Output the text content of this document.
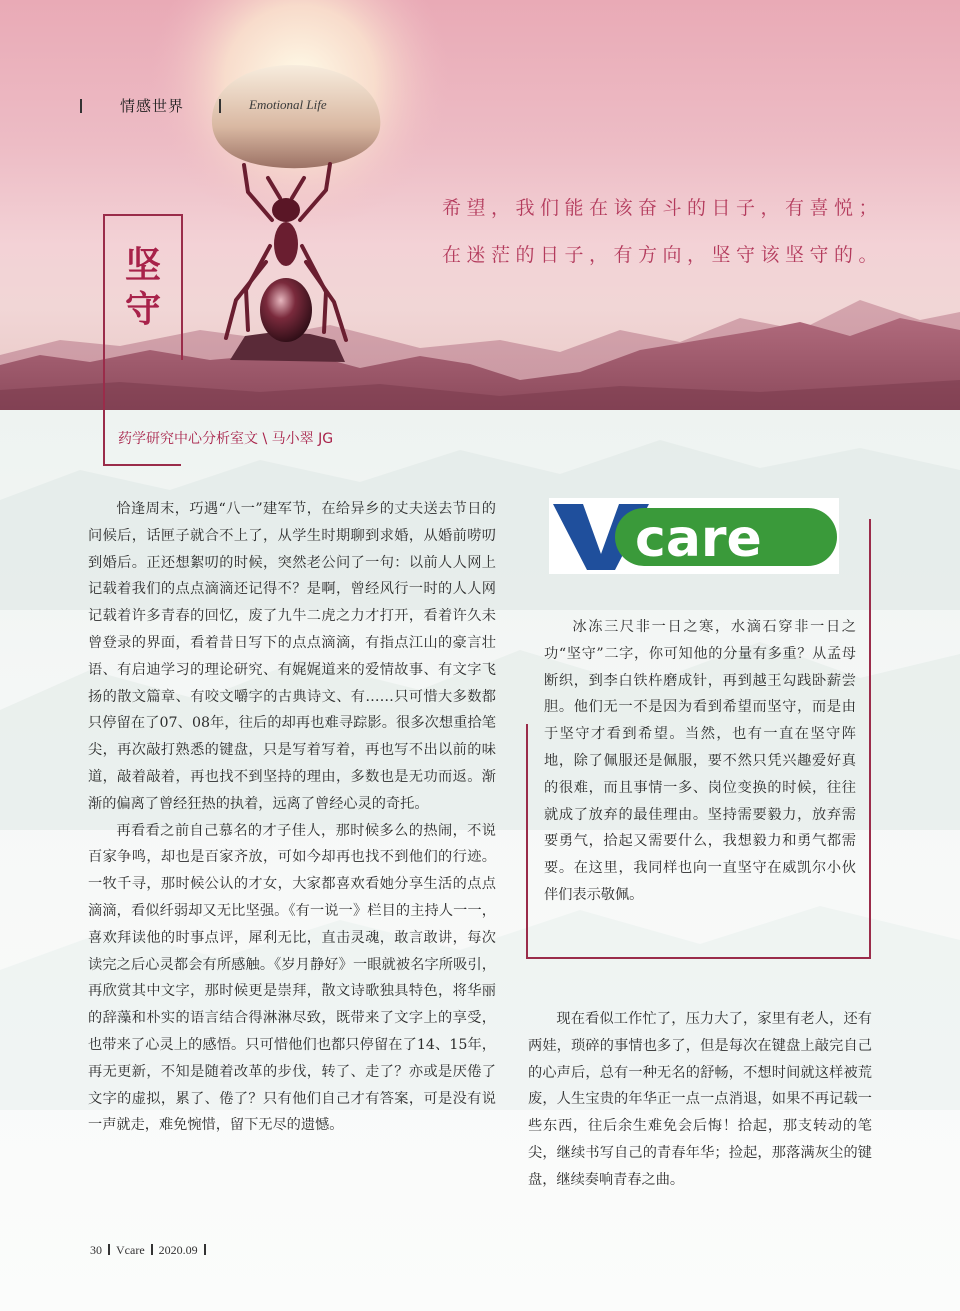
情感世界	Emotional Life
坚
守
希望，我们能在该奋斗的日子，有喜悦；
在迷茫的日子，有方向，坚守该坚守的。
药学研究中心分析室文 \ 马小翠 JG

恰逢周末，巧遇“八一”建军节，在给异乡的丈夫送去节日的问候后，话匣子就合不上了，从学生时期聊到求婚，从婚前唠叨到婚后。正还想絮叨的时候，突然老公问了一句：以前人人网上记载着我们的点点滴滴还记得不？是啊，曾经风行一时的人人网记载着许多青春的回忆，废了九牛二虎之力才打开，看着许久未曾登录的界面，看着昔日写下的点点滴滴，有指点江山的豪言壮语、有启迪学习的理论研究、有娓娓道来的爱情故事、有文字飞扬的散文篇章、有咬文嚼字的古典诗文、有……只可惜大多数都只停留在了07、08年，往后的却再也难寻踪影。很多次想重拾笔尖，再次敲打熟悉的键盘，只是写着写着，再也写不出以前的味道，敲着敲着，再也找不到坚持的理由，多数也是无功而返。渐渐的偏离了曾经狂热的执着，远离了曾经心灵的奇托。

再看看之前自己慕名的才子佳人，那时候多么的热闹，不说百家争鸣，却也是百家齐放，可如今却再也找不到他们的行迹。一牧千寻，那时候公认的才女，大家都喜欢看她分享生活的点点滴滴，看似纤弱却又无比坚强。《有一说一》栏目的主持人一一，喜欢拜读他的时事点评，犀利无比，直击灵魂，敢言敢讲，每次读完之后心灵都会有所感触。《岁月静好》一眼就被名字所吸引，再欣赏其中文字，那时候更是崇拜，散文诗歌独具特色，将华丽的辞藻和朴实的语言结合得淋淋尽致，既带来了文字上的享受，也带来了心灵上的感悟。只可惜他们也都只停留在了14、15年，再无更新，不知是随着改革的步伐，转了、走了？亦或是厌倦了文字的虚拟，累了、倦了？只有他们自己才有答案，可是没有说一声就走，难免惋惜，留下无尽的遗憾。

care

冰冻三尺非一日之寒，水滴石穿非一日之功“坚守”二字，你可知他的分量有多重？从孟母断织，到李白铁杵磨成针，再到越王勾践卧薪尝胆。他们无一不是因为看到希望而坚守，而是由于坚守才看到希望。当然，也有一直在坚守阵地，除了佩服还是佩服，要不然只凭兴趣爱好真的很难，而且事情一多、岗位变换的时候，往往就成了放弃的最佳理由。坚持需要毅力，放弃需要勇气，拾起又需要什么，我想毅力和勇气都需要。在这里，我同样也向一直坚守在威凯尔小伙伴们表示敬佩。

现在看似工作忙了，压力大了，家里有老人，还有两娃，琐碎的事情也多了，但是每次在键盘上敲完自己的心声后，总有一种无名的舒畅，不想时间就这样被荒废，人生宝贵的年华正一点一点消退，如果不再记载一些东西，往后余生难免会后悔！拾起，那支转动的笔尖，继续书写自己的青春年华；捡起，那落满灰尘的键盘，继续奏响青春之曲。

30 Vcare 2020.09
